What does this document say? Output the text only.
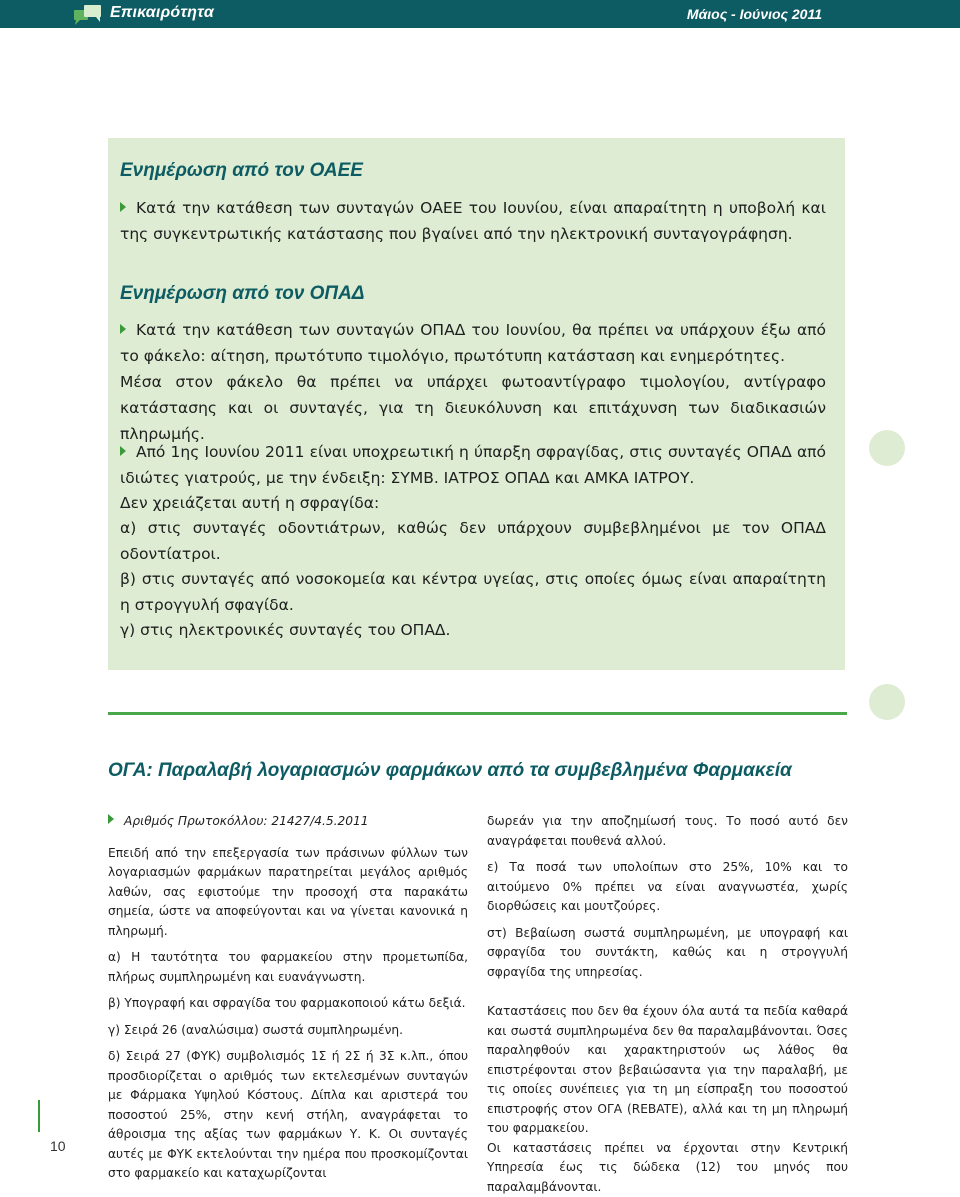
Επικαιρότητα	Μάιος - Ιούνιος 2011
Ενημέρωση από τον ΟΑΕΕ

Κατά την κατάθεση των συνταγών ΟΑΕΕ του Ιουνίου, είναι απαραίτητη η υποβολή και της συγκεντρωτικής κατάστασης που βγαίνει από την ηλεκτρονική συνταγογράφηση.

Ενημέρωση από τον ΟΠΑΔ

Κατά την κατάθεση των συνταγών ΟΠΑΔ του Ιουνίου, θα πρέπει να υπάρχουν έξω από το φάκελο: αίτηση, πρωτότυπο τιμολόγιο, πρωτότυπη κατάσταση και ενημερότητες.

Μέσα στον φάκελο θα πρέπει να υπάρχει φωτοαντίγραφο τιμολογίου, αντίγραφο κατάστασης και οι συνταγές, για τη διευκόλυνση και επιτάχυνση των διαδικασιών πληρωμής.

Από 1ης Ιουνίου 2011 είναι υποχρεωτική η ύπαρξη σφραγίδας, στις συνταγές ΟΠΑΔ από ιδιώτες γιατρούς, με την ένδειξη: ΣΥΜΒ. ΙΑΤΡΟΣ ΟΠΑΔ και ΑΜΚΑ ΙΑΤΡΟΥ.

Δεν χρειάζεται αυτή η σφραγίδα:

α) στις συνταγές οδοντιάτρων, καθώς δεν υπάρχουν συμβεβλημένοι με τον ΟΠΑΔ οδοντίατροι.

β) στις συνταγές από νοσοκομεία και κέντρα υγείας, στις οποίες όμως είναι απαραίτητη η στρογγυλή σφαγίδα.

γ) στις ηλεκτρονικές συνταγές του ΟΠΑΔ.

ΟΓΑ: Παραλαβή λογαριασμών φαρμάκων από τα συμβεβλημένα Φαρμακεία

Αριθμός Πρωτοκόλλου: 21427/4.5.2011

Επειδή από την επεξεργασία των πράσινων φύλλων των λογαριασμών φαρμάκων παρατηρείται μεγάλος αριθμός λαθών, σας εφιστούμε την προσοχή στα παρακάτω σημεία, ώστε να αποφεύγονται και να γίνεται κανονικά η πληρωμή.

α) Η ταυτότητα του φαρμακείου στην προμετωπίδα, πλήρως συμπληρωμένη και ευανάγνωστη.

β) Υπογραφή και σφραγίδα του φαρμακοποιού κάτω δεξιά.

γ) Σειρά 26 (αναλώσιμα) σωστά συμπληρωμένη.

δ) Σειρά 27 (ΦΥΚ) συμβολισμός 1Σ ή 2Σ ή 3Σ κ.λπ., όπου προσδιορίζεται ο αριθμός των εκτελεσμένων συνταγών με Φάρμακα Υψηλού Κόστους. Δίπλα και αριστερά του ποσοστού 25%, στην κενή στήλη, αναγράφεται το άθροισμα της αξίας των φαρμάκων Υ. Κ. Οι συνταγές αυτές με ΦΥΚ εκτελούνται την ημέρα που προσκομίζονται στο φαρμακείο και καταχωρίζονται

δωρεάν για την αποζημίωσή τους. Το ποσό αυτό δεν αναγράφεται πουθενά αλλού.

ε) Τα ποσά των υπολοίπων στο 25%, 10% και το αιτούμενο 0% πρέπει να είναι αναγνωστέα, χωρίς διορθώσεις και μουτζούρες.

στ) Βεβαίωση σωστά συμπληρωμένη, με υπογραφή και σφραγίδα του συντάκτη, καθώς και η στρογγυλή σφραγίδα της υπηρεσίας.

Καταστάσεις που δεν θα έχουν όλα αυτά τα πεδία καθαρά και σωστά συμπληρωμένα δεν θα παραλαμβάνονται. Όσες παραληφθούν και χαρακτηριστούν ως λάθος θα επιστρέφονται στον βεβαιώσαντα για την παραλαβή, με τις οποίες συνέπειες για τη μη είσπραξη του ποσοστού επιστροφής στον ΟΓΑ (REBATE), αλλά και τη μη πληρωμή του φαρμακείου.

Οι καταστάσεις πρέπει να έρχονται στην Κεντρική Υπηρεσία έως τις δώδεκα (12) του μηνός που παραλαμβάνονται.

10
